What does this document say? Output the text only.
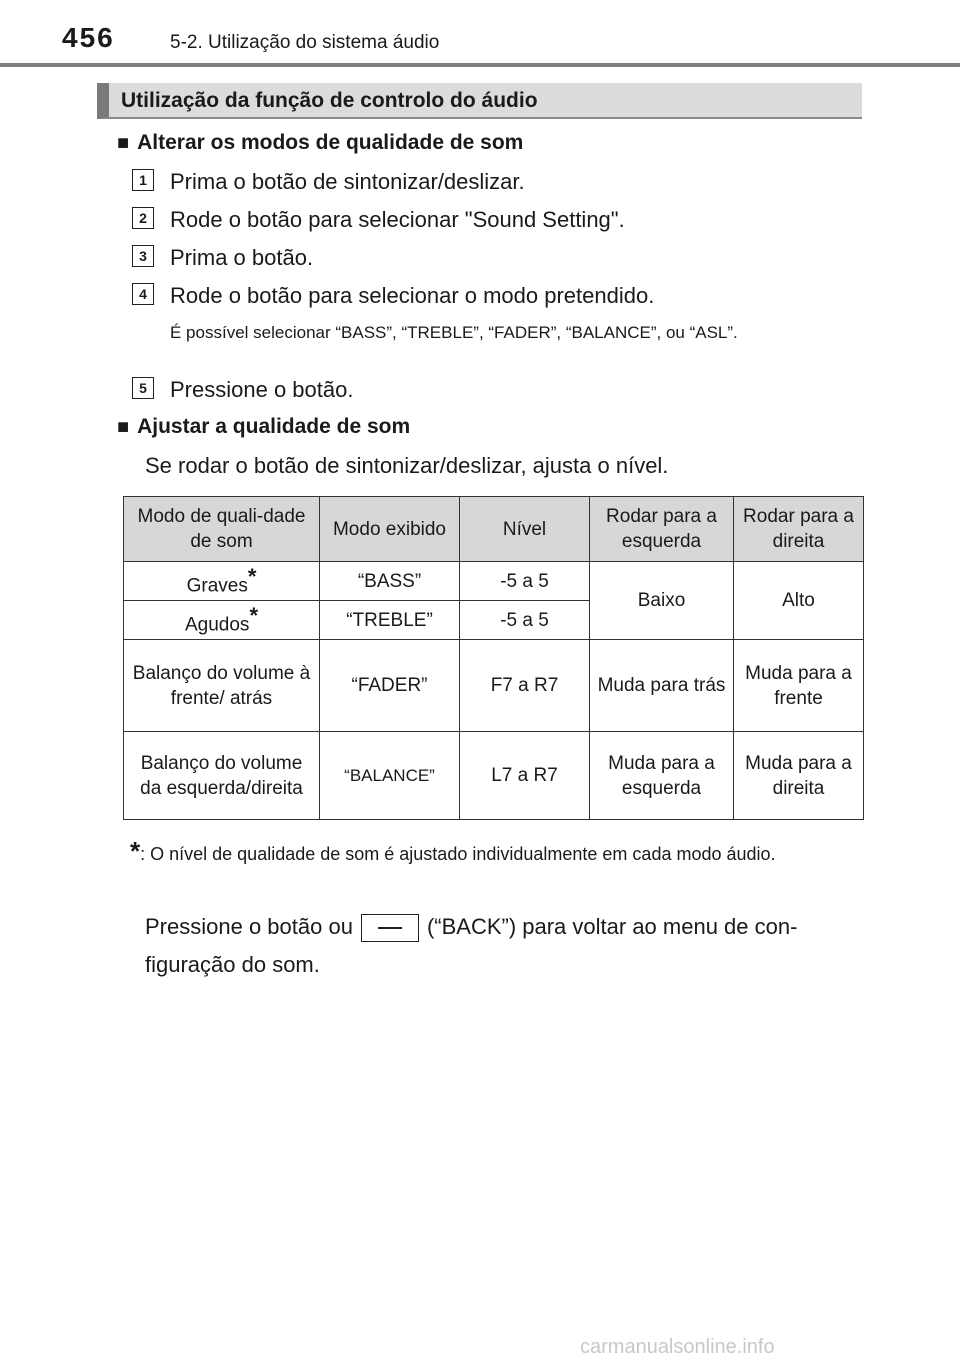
456	5-2. Utilização do sistema áudio
Utilização da função de controlo do áudio
■ Alterar os modos de qualidade de som
1	Prima o botão de sintonizar/deslizar.
2	Rode o botão para selecionar "Sound Setting".
3	Prima o botão.
4	Rode o botão para selecionar o modo pretendido.
É possível selecionar “BASS”, “TREBLE”, “FADER”, “BALANCE”, ou “ASL”.
5	Pressione o botão.
■ Ajustar a qualidade de som
Se rodar o botão de sintonizar/deslizar, ajusta o nível.
Modo de quali-dade de som	Modo exibido	Nível	Rodar para a esquerda	Rodar para a direita
Graves*	“BASS”	-5 a 5	Baixo	Alto
Agudos*	“TREBLE”	-5 a 5		
Balanço do volume à frente/ atrás	“FADER”	F7 a R7	Muda para trás	Muda para a frente
Balanço do volume da esquerda/direita	“BALANCE”	L7 a R7	Muda para a esquerda	Muda para a direita
*: O nível de qualidade de som é ajustado individualmente em cada modo áudio.
Pressione o botão ou	(“BACK”) para voltar ao menu de con-figuração do som.
carmanualsonline.info
